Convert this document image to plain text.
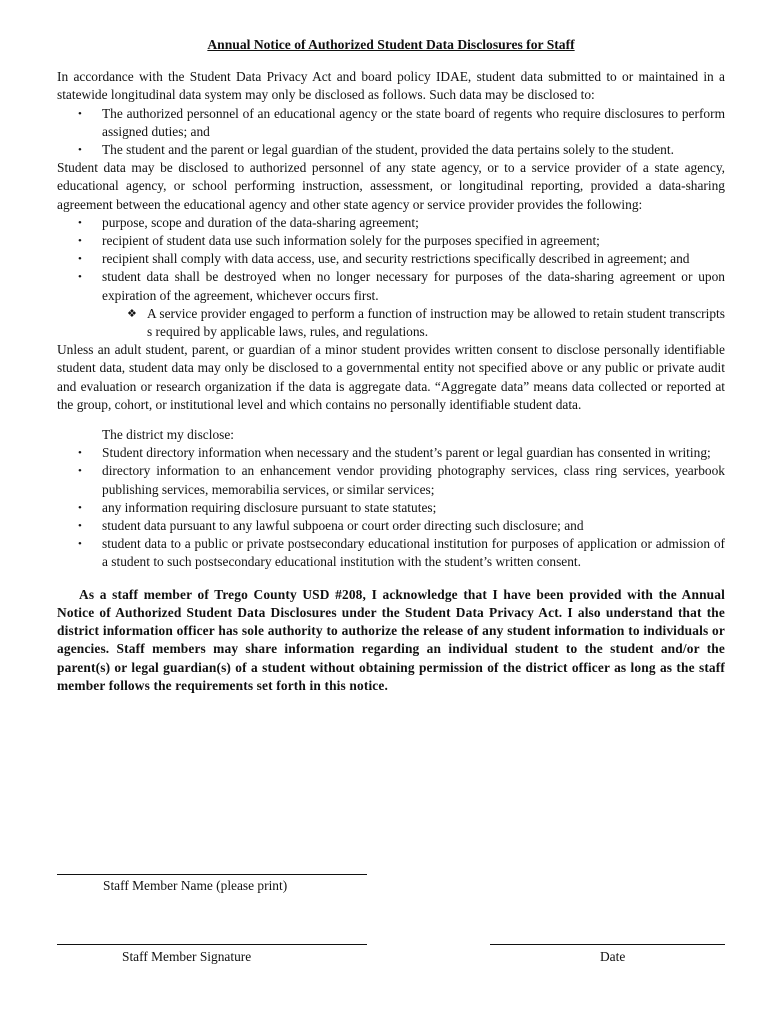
Annual Notice of Authorized Student Data Disclosures for Staff

In accordance with the Student Data Privacy Act and board policy IDAE, student data submitted to or maintained in a statewide longitudinal data system may only be disclosed as follows. Such data may be disclosed to:

• The authorized personnel of an educational agency or the state board of regents who require disclosures to perform assigned duties; and
• The student and the parent or legal guardian of the student, provided the data pertains solely to the student.

Student data may be disclosed to authorized personnel of any state agency, or to a service provider of a state agency, educational agency, or school performing instruction, assessment, or longitudinal reporting, provided a data-sharing agreement between the educational agency and other state agency or service provider provides the following:

• purpose, scope and duration of the data-sharing agreement;
• recipient of student data use such information solely for the purposes specified in agreement;
• recipient shall comply with data access, use, and security restrictions specifically described in agreement; and
• student data shall be destroyed when no longer necessary for purposes of the data-sharing agreement or upon expiration of the agreement, whichever occurs first.
❖ A service provider engaged to perform a function of instruction may be allowed to retain student transcripts s required by applicable laws, rules, and regulations.

Unless an adult student, parent, or guardian of a minor student provides written consent to disclose personally identifiable student data, student data may only be disclosed to a governmental entity not specified above or any public or private audit and evaluation or research organization if the data is aggregate data. “Aggregate data” means data collected or reported at the group, cohort, or institutional level and which contains no personally identifiable student data.

The district my disclose:
• Student directory information when necessary and the student’s parent or legal guardian has consented in writing;
• directory information to an enhancement vendor providing photography services, class ring services, yearbook publishing services, memorabilia services, or similar services;
• any information requiring disclosure pursuant to state statutes;
• student data pursuant to any lawful subpoena or court order directing such disclosure; and
• student data to a public or private postsecondary educational institution for purposes of application or admission of a student to such postsecondary educational institution with the student’s written consent.

As a staff member of Trego County USD #208, I acknowledge that I have been provided with the Annual Notice of Authorized Student Data Disclosures under the Student Data Privacy Act. I also understand that the district information officer has sole authority to authorize the release of any student information to individuals or agencies. Staff members may share information regarding an individual student to the student and/or the parent(s) or legal guardian(s) of a student without obtaining permission of the district officer as long as the staff member follows the requirements set forth in this notice.

Staff Member Name (please print)
Staff Member Signature	Date
